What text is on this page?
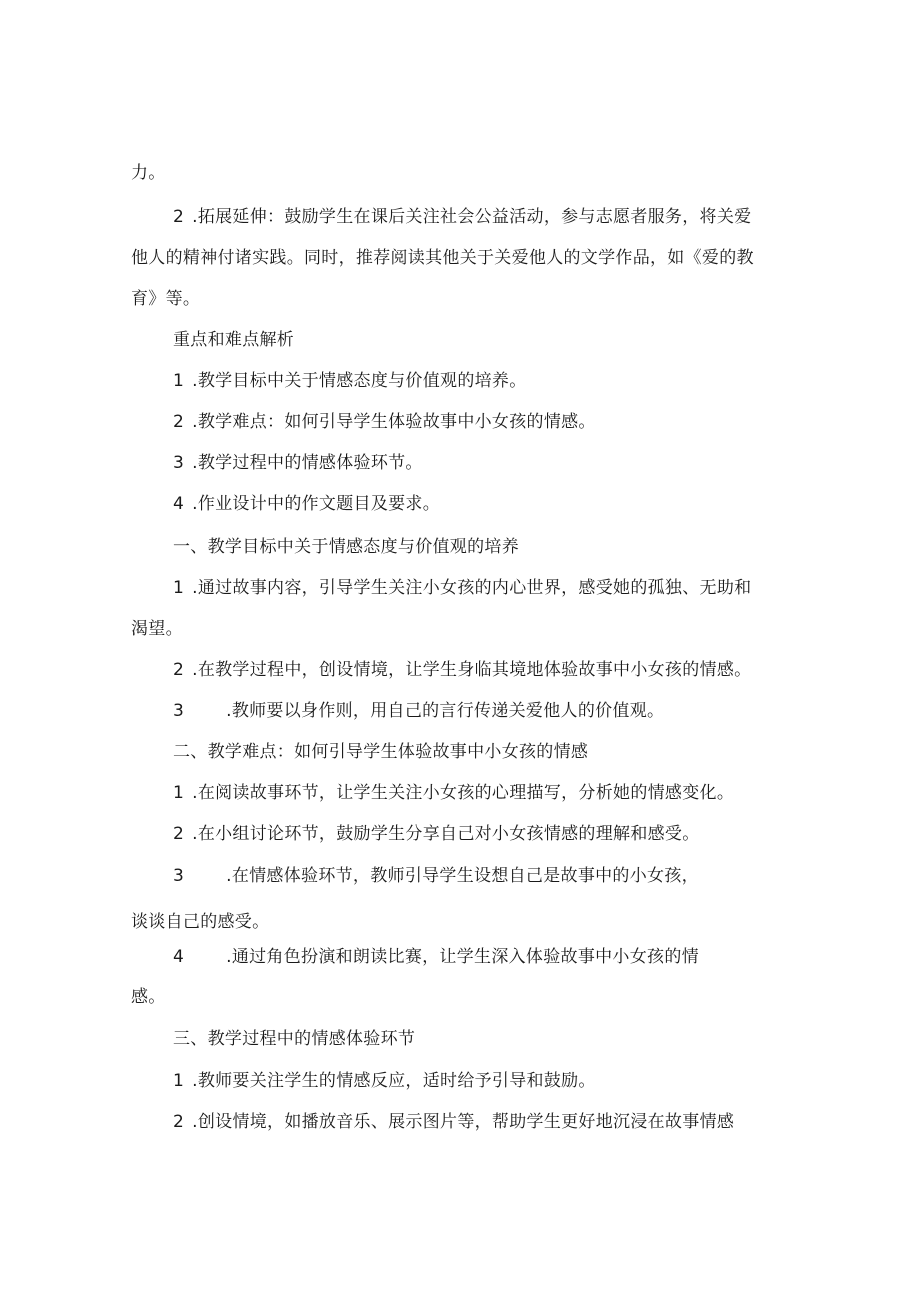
力。
2 .拓展延伸：鼓励学生在课后关注社会公益活动，参与志愿者服务，将关爱
他人的精神付诸实践。同时，推荐阅读其他关于关爱他人的文学作品，如《爱的教
育》等。
重点和难点解析
1 .教学目标中关于情感态度与价值观的培养。
2 .教学难点：如何引导学生体验故事中小女孩的情感。
3 .教学过程中的情感体验环节。
4 .作业设计中的作文题目及要求。
一、教学目标中关于情感态度与价值观的培养
1 .通过故事内容，引导学生关注小女孩的内心世界，感受她的孤独、无助和
渴望。
2 .在教学过程中，创设情境，让学生身临其境地体验故事中小女孩的情感。
3 .教师要以身作则，用自己的言行传递关爱他人的价值观。
二、教学难点：如何引导学生体验故事中小女孩的情感
1 .在阅读故事环节，让学生关注小女孩的心理描写，分析她的情感变化。
2 .在小组讨论环节，鼓励学生分享自己对小女孩情感的理解和感受。
3 .在情感体验环节，教师引导学生设想自己是故事中的小女孩，
谈谈自己的感受。
4 .通过角色扮演和朗读比赛，让学生深入体验故事中小女孩的情
感。
三、教学过程中的情感体验环节
1 .教师要关注学生的情感反应，适时给予引导和鼓励。
2 .创设情境，如播放音乐、展示图片等，帮助学生更好地沉浸在故事情感
